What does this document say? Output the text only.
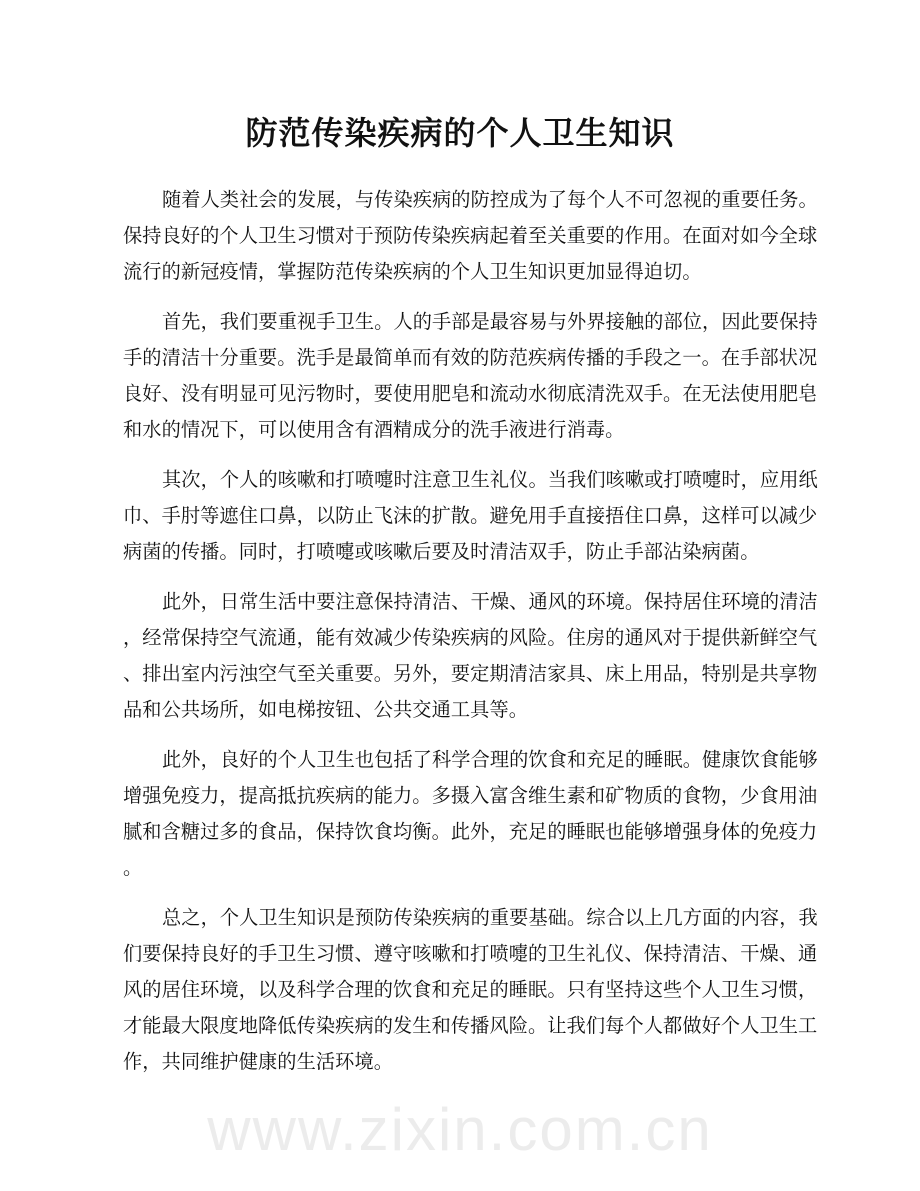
防范传染疾病的个人卫生知识
随着人类社会的发展，与传染疾病的防控成为了每个人不可忽视的重要任务。
保持良好的个人卫生习惯对于预防传染疾病起着至关重要的作用。在面对如今全球
流行的新冠疫情，掌握防范传染疾病的个人卫生知识更加显得迫切。
首先，我们要重视手卫生。人的手部是最容易与外界接触的部位，因此要保持
手的清洁十分重要。洗手是最简单而有效的防范疾病传播的手段之一。在手部状况
良好、没有明显可见污物时，要使用肥皂和流动水彻底清洗双手。在无法使用肥皂
和水的情况下，可以使用含有酒精成分的洗手液进行消毒。
其次，个人的咳嗽和打喷嚏时注意卫生礼仪。当我们咳嗽或打喷嚏时，应用纸
巾、手肘等遮住口鼻，以防止飞沫的扩散。避免用手直接捂住口鼻，这样可以减少
病菌的传播。同时，打喷嚏或咳嗽后要及时清洁双手，防止手部沾染病菌。
此外，日常生活中要注意保持清洁、干燥、通风的环境。保持居住环境的清洁
，经常保持空气流通，能有效减少传染疾病的风险。住房的通风对于提供新鲜空气
、排出室内污浊空气至关重要。另外，要定期清洁家具、床上用品，特别是共享物
品和公共场所，如电梯按钮、公共交通工具等。
此外，良好的个人卫生也包括了科学合理的饮食和充足的睡眠。健康饮食能够
增强免疫力，提高抵抗疾病的能力。多摄入富含维生素和矿物质的食物，少食用油
腻和含糖过多的食品，保持饮食均衡。此外，充足的睡眠也能够增强身体的免疫力
。
总之，个人卫生知识是预防传染疾病的重要基础。综合以上几方面的内容，我
们要保持良好的手卫生习惯、遵守咳嗽和打喷嚏的卫生礼仪、保持清洁、干燥、通
风的居住环境，以及科学合理的饮食和充足的睡眠。只有坚持这些个人卫生习惯，
才能最大限度地降低传染疾病的发生和传播风险。让我们每个人都做好个人卫生工
作，共同维护健康的生活环境。
www.zixin.com.cn
